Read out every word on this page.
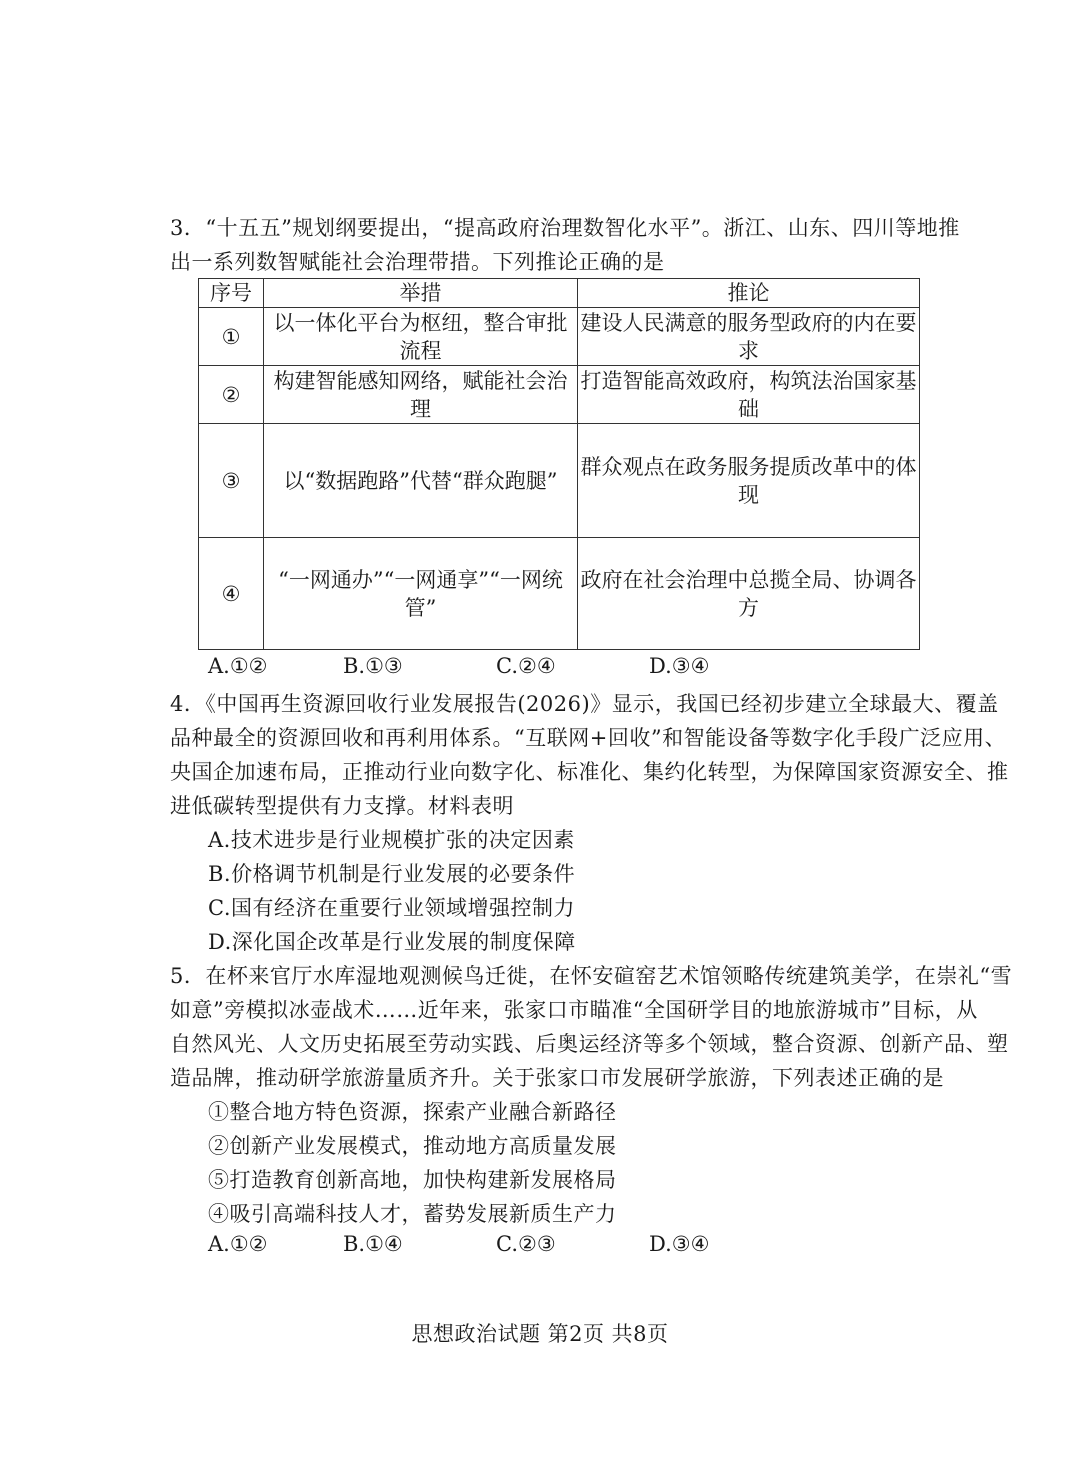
3．“十五五”规划纲要提出，“提高政府治理数智化水平”。浙江、山东、四川等地推
出一系列数智赋能社会治理带措。下列推论正确的是
序号	举措	推论
①	以一体化平台为枢纽，整合审批流程	建设人民满意的服务型政府的内在要求
②	构建智能感知网络，赋能社会治理	打造智能高效政府，构筑法治国家基础
③	以“数据跑路”代替“群众跑腿”	群众观点在政务服务提质改革中的体现
④	“一网通办”“一网通享”“一网统管”	政府在社会治理中总揽全局、协调各方
A.①②	B.①③	C.②④	D.③④
4．《中国再生资源回收行业发展报告(2026)》显示，我国已经初步建立全球最大、覆盖
品种最全的资源回收和再利用体系。“互联网+回收”和智能设备等数字化手段广泛应用、
央国企加速布局，正推动行业向数字化、标准化、集约化转型，为保障国家资源安全、推
进低碳转型提供有力支撑。材料表明
A.技术进步是行业规模扩张的决定因素
B.价格调节机制是行业发展的必要条件
C.国有经济在重要行业领域增强控制力
D.深化国企改革是行业发展的制度保障
5．在杯来官厅水库湿地观测候鸟迁徙，在怀安碹窑艺术馆领略传统建筑美学，在崇礼“雪
如意”旁模拟冰壶战术……近年来，张家口市瞄准“全国研学目的地旅游城市”目标，从
自然风光、人文历史拓展至劳动实践、后奥运经济等多个领域，整合资源、创新产品、塑
造品牌，推动研学旅游量质齐升。关于张家口市发展研学旅游，下列表述正确的是
①整合地方特色资源，探索产业融合新路径
②创新产业发展模式，推动地方高质量发展
⑤打造教育创新高地，加快构建新发展格局
④吸引高端科技人才，蓄势发展新质生产力
A.①②	B.①④	C.②③	D.③④
思想政治试题 第2页 共8页
